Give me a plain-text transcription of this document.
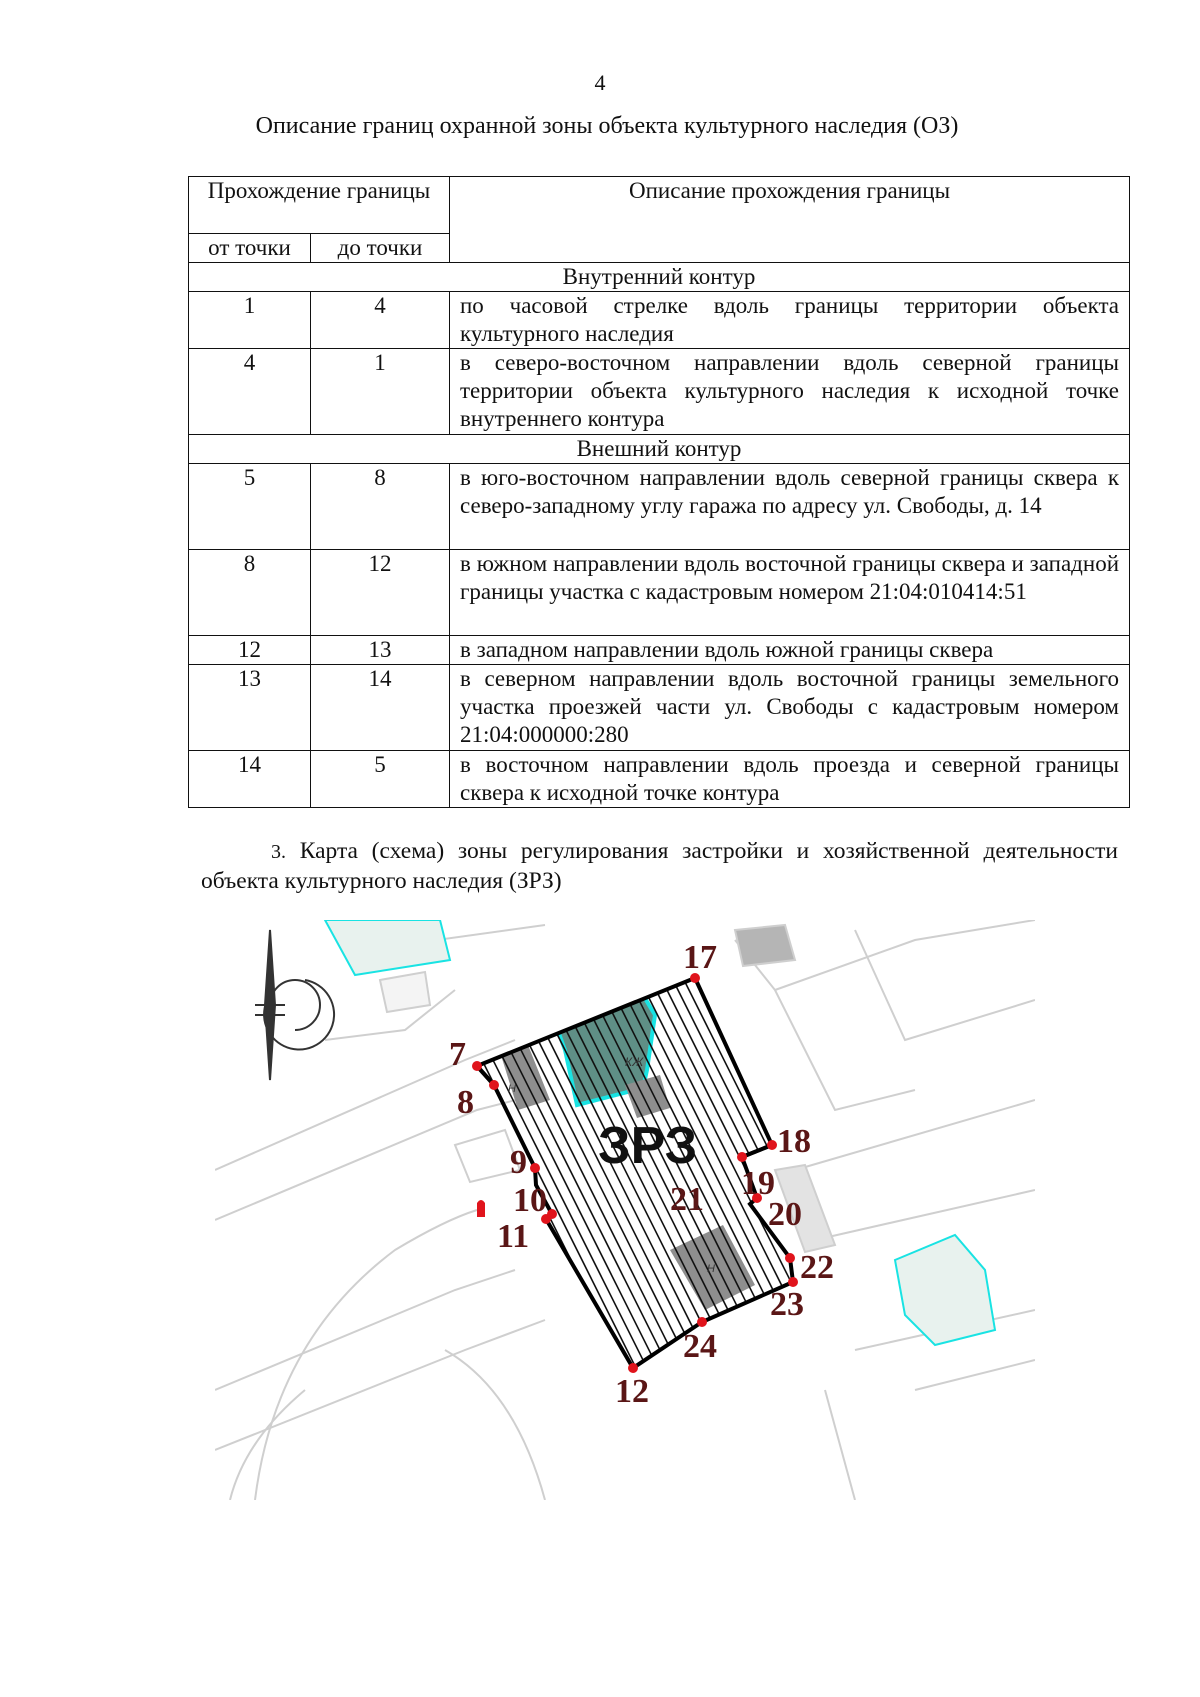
4
Описание границ охранной зоны объекта культурного наследия (ОЗ)
Прохождение границы		Описание прохождения границы
от точки	до точки	
Внутренний контур		
1	4	по часовой стрелке вдоль границы территории объекта культурного наследия
4	1	в северо-восточном направлении вдоль северной границы территории объекта культурного наследия к исходной точке внутреннего контура
Внешний контур		
5	8	в юго-восточном направлении вдоль северной границы сквера к северо-западному углу гаража по адресу ул. Свободы, д. 14
8	12	в южном направлении вдоль восточной границы сквера и западной границы участка с кадастровым номером 21:04:010414:51
12	13	в западном направлении вдоль южной границы сквера
13	14	в северном направлении вдоль восточной границы земельного участка проезжей части ул. Свободы с кадастровым номером 21:04:000000:280
14	5	в восточном направлении вдоль проезда и северной границы сквера к исходной точке контура
3. Карта (схема) зоны регулирования застройки и хозяйственной деятельности объекта культурного наследия (ЗРЗ)
ЗРЗ
КЖ
Н
Н
7
8
9
10
11
12
17
18
19
20
21
22
23
24
